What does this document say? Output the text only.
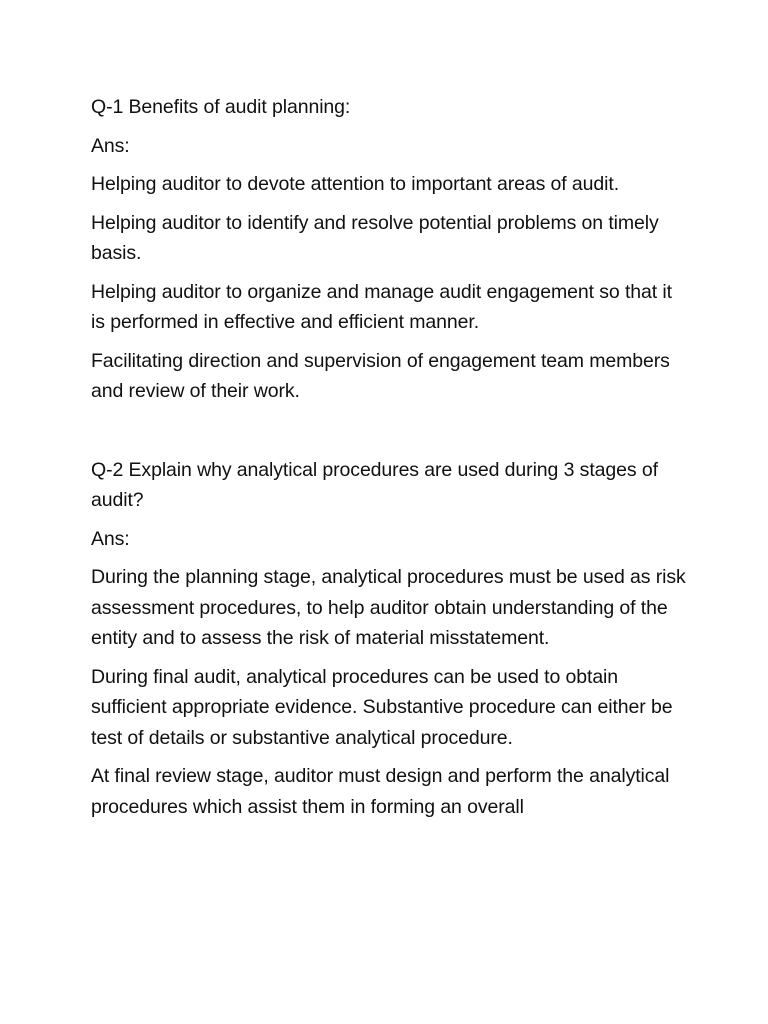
Q-1 Benefits of audit planning:

Ans:

Helping auditor to devote attention to important areas of audit.

Helping auditor to identify and resolve potential problems on timely basis.

Helping auditor to organize and manage audit engagement so that it is performed in effective and efficient manner.

Facilitating direction and supervision of engagement team members and review of their work.

Q-2 Explain why analytical procedures are used during 3 stages of audit?

Ans:

During the planning stage, analytical procedures must be used as risk assessment procedures, to help auditor obtain understanding of the entity and to assess the risk of material misstatement.

During final audit, analytical procedures can be used to obtain sufficient appropriate evidence. Substantive procedure can either be test of details or substantive analytical procedure.

At final review stage, auditor must design and perform the analytical procedures which assist them in forming an overall
